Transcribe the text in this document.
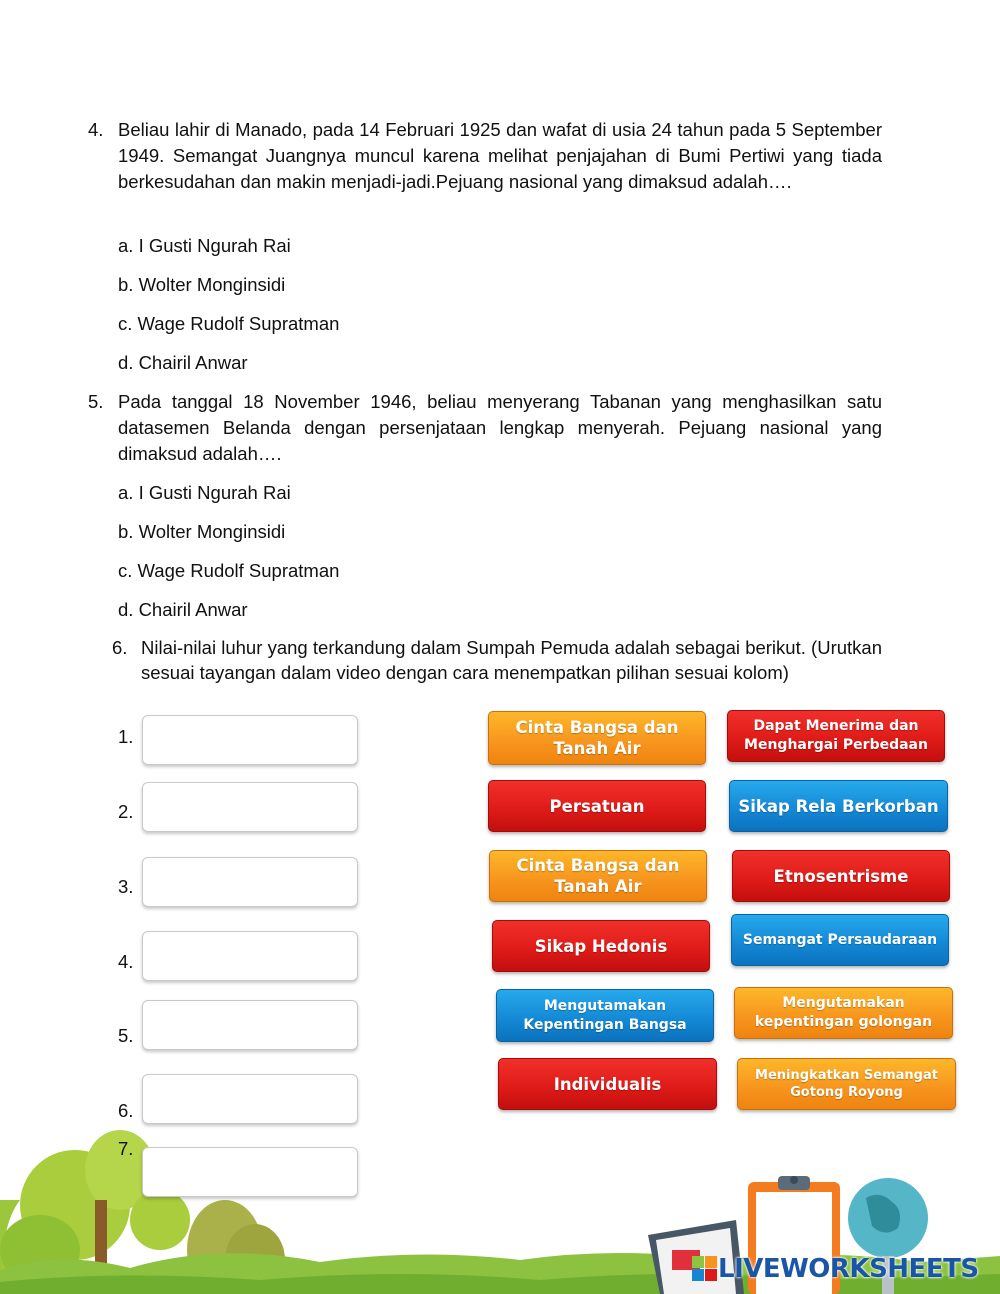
4. Beliau lahir di Manado, pada 14 Februari 1925 dan wafat di usia 24 tahun pada 5 September 1949. Semangat Juangnya muncul karena melihat penjajahan di Bumi Pertiwi yang tiada berkesudahan dan makin menjadi-jadi.Pejuang nasional yang dimaksud adalah….
a. I Gusti Ngurah Rai
b. Wolter Monginsidi
c. Wage Rudolf Supratman
d. Chairil Anwar
5. Pada tanggal 18 November 1946, beliau menyerang Tabanan yang menghasilkan satu datasemen Belanda dengan persenjataan lengkap menyerah. Pejuang nasional yang dimaksud adalah….
a. I Gusti Ngurah Rai
b. Wolter Monginsidi
c. Wage Rudolf Supratman
d. Chairil Anwar
6. Nilai-nilai luhur yang terkandung dalam Sumpah Pemuda adalah sebagai berikut. (Urutkan sesuai tayangan dalam video dengan cara menempatkan pilihan sesuai kolom)
1.
2.
3.
4.
5.
6.
7.
Cinta Bangsa dan Tanah Air
Dapat Menerima dan Menghargai Perbedaan
Persatuan	Sikap Rela Berkorban
Cinta Bangsa dan Tanah Air
Etnosentrisme
Sikap Hedonis	Semangat Persaudaraan
Mengutamakan Kepentingan Bangsa
Mengutamakan kepentingan golongan
Individualis	Meningkatkan Semangat Gotong Royong
LIVEWORKSHEETS
